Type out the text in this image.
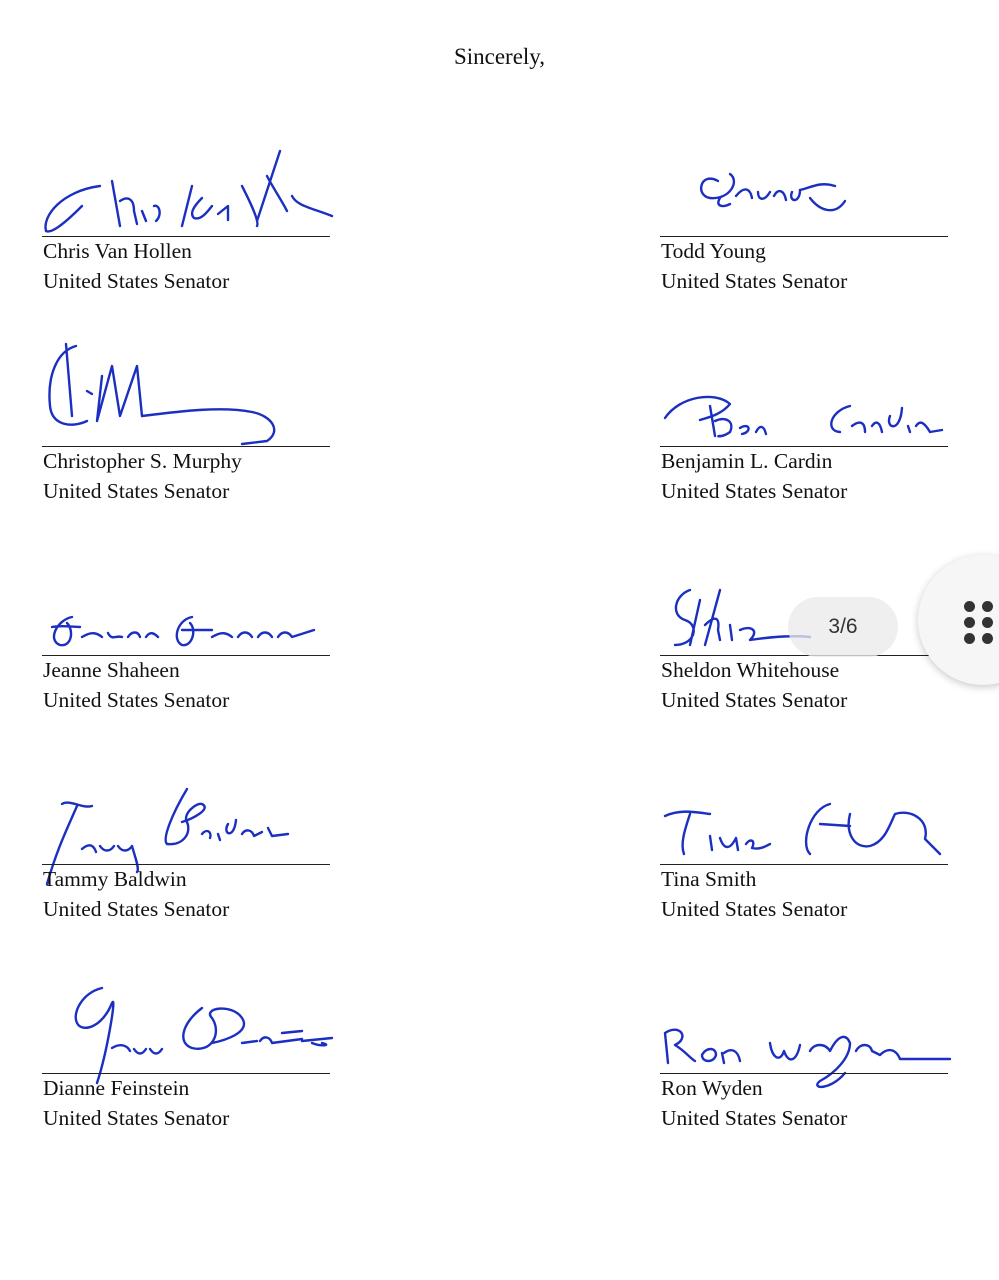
Sincerely,
Chris Van Hollen
United States Senator
Todd Young
United States Senator
Christopher S. Murphy
United States Senator
Benjamin L. Cardin
United States Senator
Jeanne Shaheen
United States Senator
Sheldon Whitehouse
United States Senator
Tammy Baldwin
United States Senator
Tina Smith
United States Senator
Dianne Feinstein
United States Senator
Ron Wyden
United States Senator
3/6
